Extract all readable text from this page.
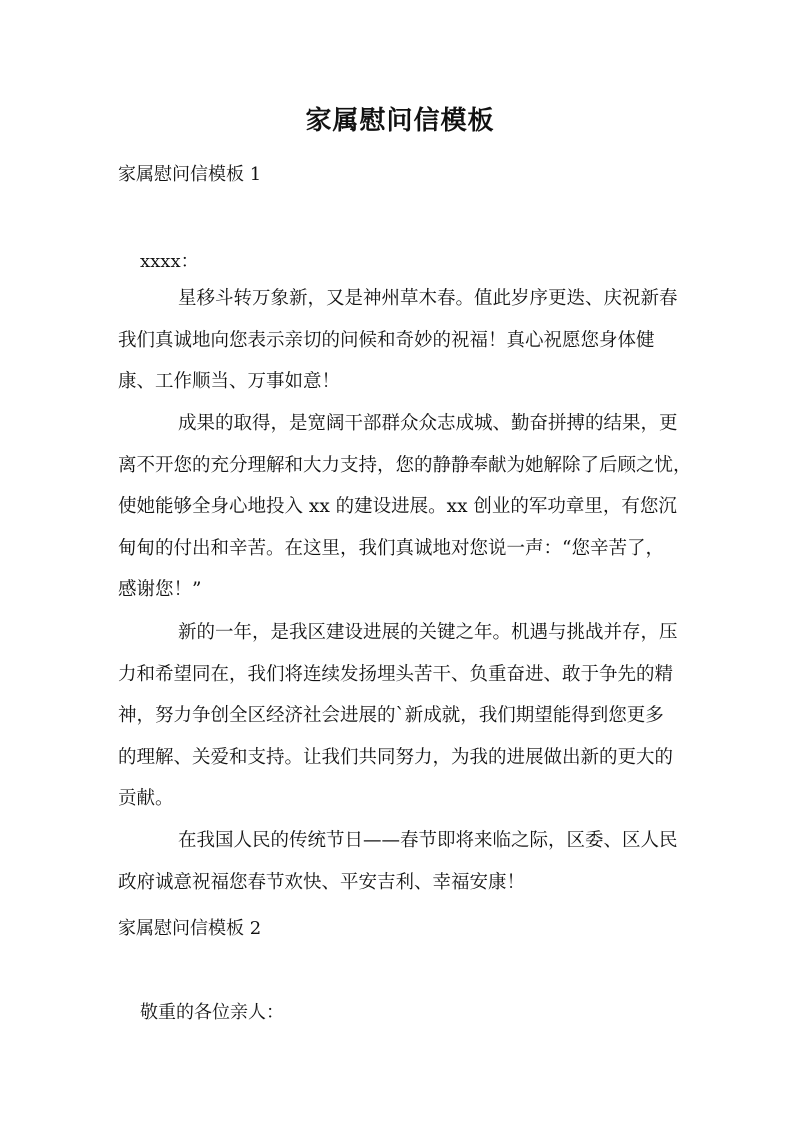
家属慰问信模板
家属慰问信模板 1
xxxx：
星移斗转万象新，又是神州草木春。值此岁序更迭、庆祝新春
我们真诚地向您表示亲切的问候和奇妙的祝福！真心祝愿您身体健
康、工作顺当、万事如意！
成果的取得，是宽阔干部群众众志成城、勤奋拼搏的结果，更
离不开您的充分理解和大力支持，您的静静奉献为她解除了后顾之忧，
使她能够全身心地投入 xx 的建设进展。xx 创业的军功章里，有您沉
甸甸的付出和辛苦。在这里，我们真诚地对您说一声：“您辛苦了，
感谢您！”
新的一年，是我区建设进展的关键之年。机遇与挑战并存，压
力和希望同在，我们将连续发扬埋头苦干、负重奋进、敢于争先的精
神，努力争创全区经济社会进展的`新成就，我们期望能得到您更多
的理解、关爱和支持。让我们共同努力，为我的进展做出新的更大的
贡献。
在我国人民的传统节日——春节即将来临之际，区委、区人民
政府诚意祝福您春节欢快、平安吉利、幸福安康！
家属慰问信模板 2
敬重的各位亲人：
